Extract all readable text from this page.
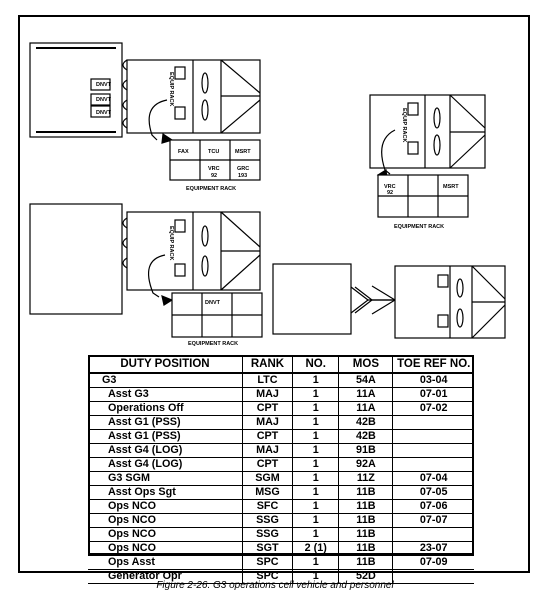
DNVT
DNVT
DNVT
EQUIP RACK
EQUIP RACK
EQUIP RACK
FAX	TCU	MSRT
VRC
92
GRC
193
EQUIPMENT RACK	VRC
92
MSRT
EQUIPMENT RACK
DNVT
EQUIPMENT RACK
DUTY POSITION	RANK	NO.	MOS	TOE REF NO.
G3	LTC	1	54A	03-04
Asst G3	MAJ	1	11A	07-01
Operations Off	CPT	1	11A	07-02
Asst G1 (PSS)	MAJ	1	42B	
Asst G1 (PSS)	CPT	1	42B	
Asst G4 (LOG)	MAJ	1	91B	
Asst G4 (LOG)	CPT	1	92A	
G3 SGM	SGM	1	11Z	07-04
Asst Ops Sgt	MSG	1	11B	07-05
Ops NCO	SFC	1	11B	07-06
Ops NCO	SSG	1	11B	07-07
Ops NCO	SSG	1	11B	
Ops NCO	SGT	2 (1)	11B	23-07
Ops Asst	SPC	1	11B	07-09
Generator Opr	SPC	1	52D	
Figure 2-26. G3 operations cell vehicle and personnel
